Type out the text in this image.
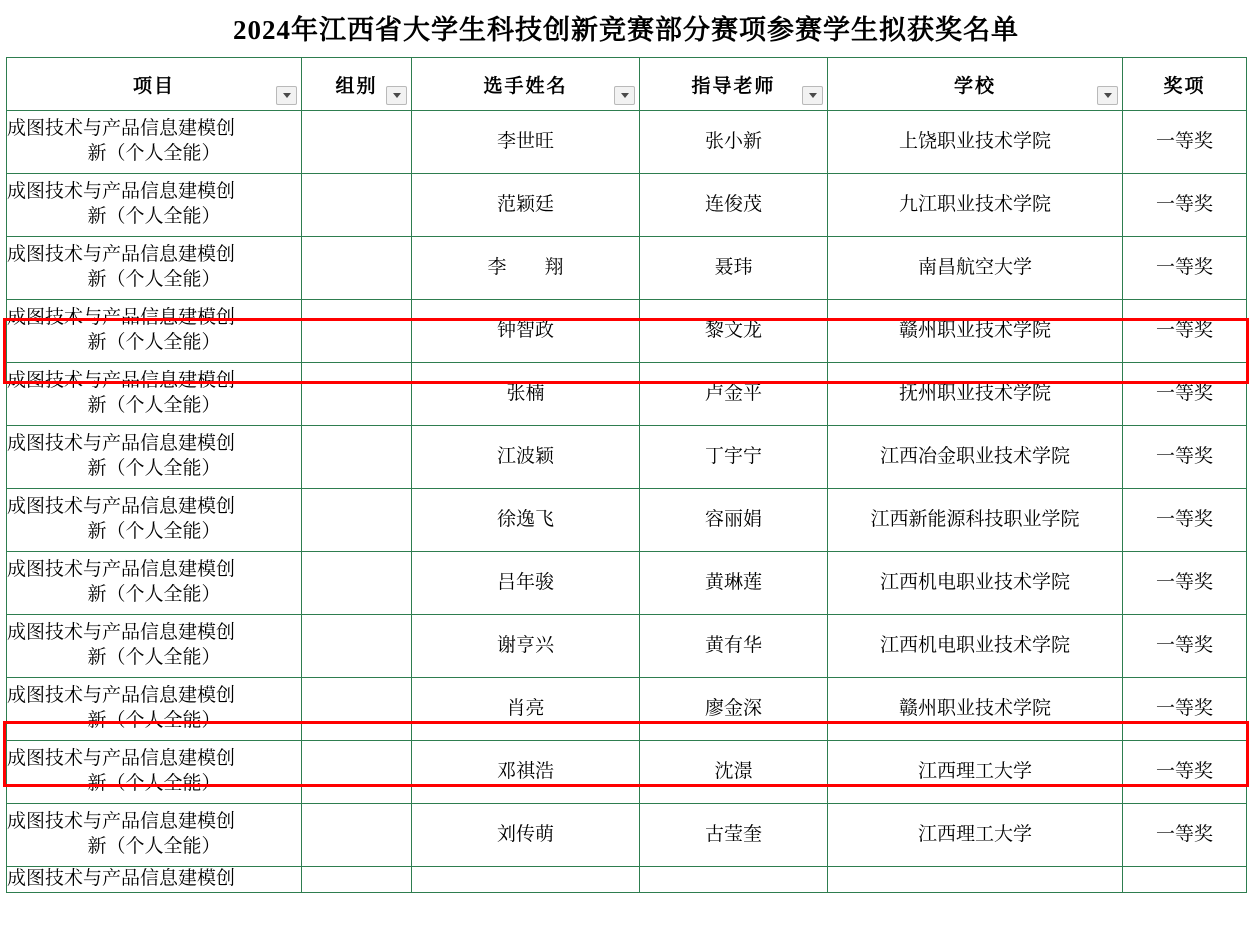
2024年江西省大学生科技创新竞赛部分赛项参赛学生拟获奖名单
项目	组别	选手姓名	指导老师	学校	奖项

成图技术与产品信息建模创
新（个人全能）		李世旺	张小新	上饶职业技术学院	一等奖

成图技术与产品信息建模创
新（个人全能）		范颖廷	连俊茂	九江职业技术学院	一等奖

成图技术与产品信息建模创
新（个人全能）		李　　翔	聂玮	南昌航空大学	一等奖

成图技术与产品信息建模创
新（个人全能）		钟智政	黎文龙	赣州职业技术学院	一等奖

成图技术与产品信息建模创
新（个人全能）		张楠	卢金平	抚州职业技术学院	一等奖

成图技术与产品信息建模创
新（个人全能）		江波颖	丁宇宁	江西冶金职业技术学院	一等奖

成图技术与产品信息建模创
新（个人全能）		徐逸飞	容丽娟	江西新能源科技职业学院	一等奖

成图技术与产品信息建模创
新（个人全能）		吕年骏	黄琳莲	江西机电职业技术学院	一等奖

成图技术与产品信息建模创
新（个人全能）		谢亨兴	黄有华	江西机电职业技术学院	一等奖

成图技术与产品信息建模创
新（个人全能）		肖亮	廖金深	赣州职业技术学院	一等奖

成图技术与产品信息建模创
新（个人全能）		邓祺浩	沈澋	江西理工大学	一等奖

成图技术与产品信息建模创
新（个人全能）		刘传萌	古莹奎	江西理工大学	一等奖

成图技术与产品信息建模创					
